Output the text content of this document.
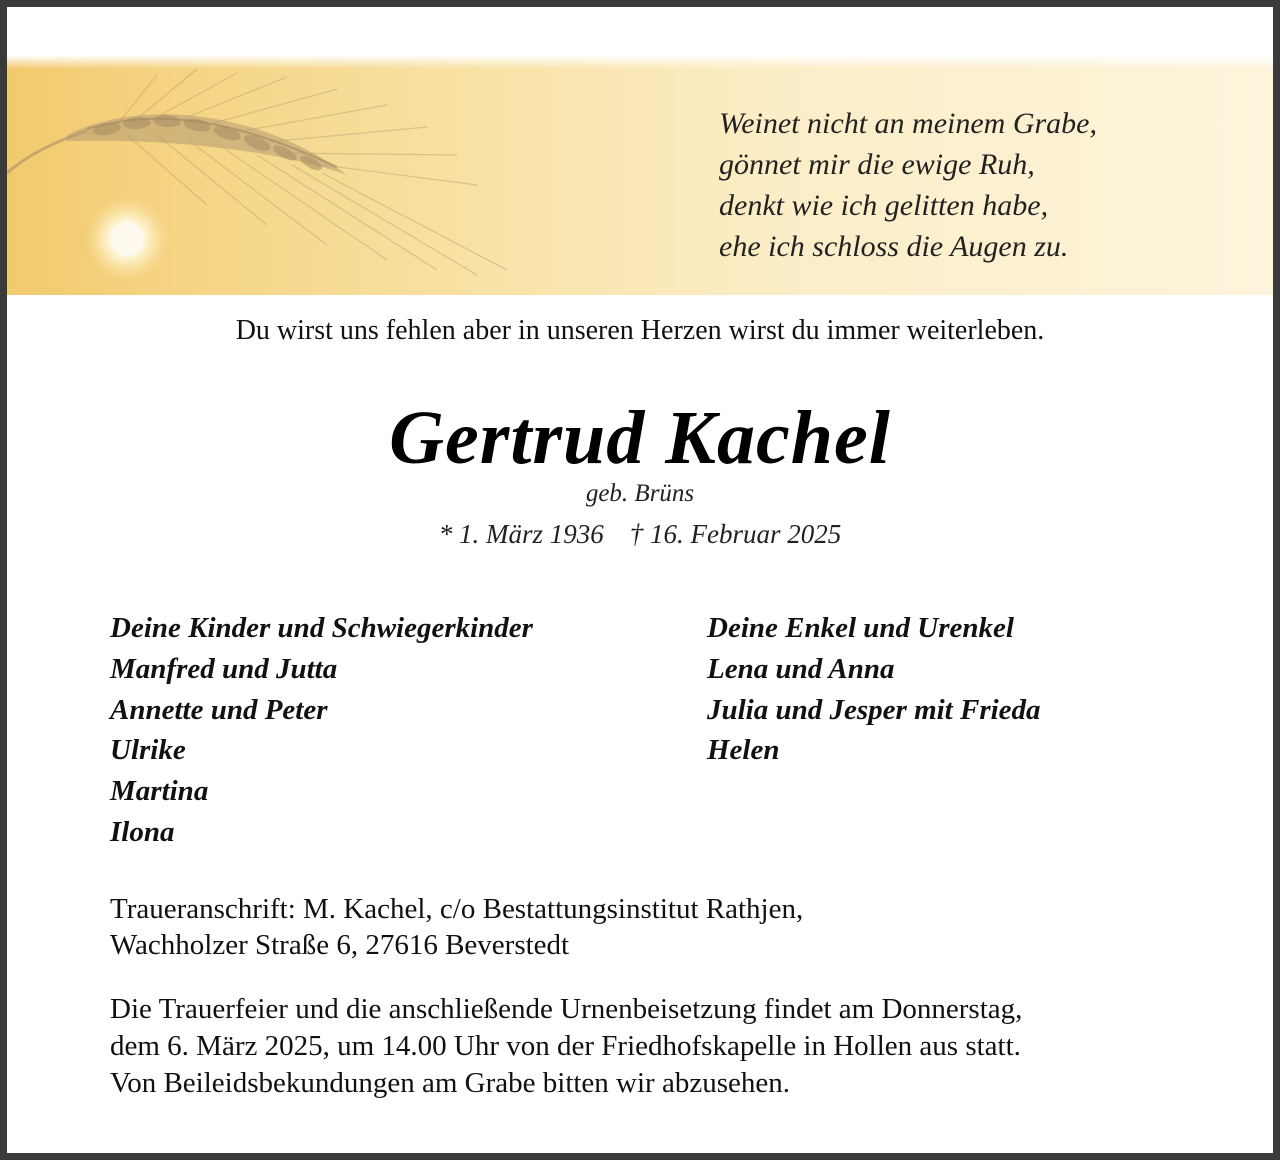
Weinet nicht an meinem Grabe,
gönnet mir die ewige Ruh,
denkt wie ich gelitten habe,
ehe ich schloss die Augen zu.
Du wirst uns fehlen aber in unseren Herzen wirst du immer weiterleben.
Gertrud Kachel
geb. Brüns
* 1. März 1936 † 16. Februar 2025
Deine Kinder und Schwiegerkinder
Manfred und Jutta
Annette und Peter
Ulrike
Martina
Ilona
Deine Enkel und Urenkel
Lena und Anna
Julia und Jesper mit Frieda
Helen
Traueranschrift: M. Kachel, c/o Bestattungsinstitut Rathjen,
Wachholzer Straße 6, 27616 Beverstedt
Die Trauerfeier und die anschließende Urnenbeisetzung findet am Donnerstag,
dem 6. März 2025, um 14.00 Uhr von der Friedhofskapelle in Hollen aus statt.
Von Beileidsbekundungen am Grabe bitten wir abzusehen.
